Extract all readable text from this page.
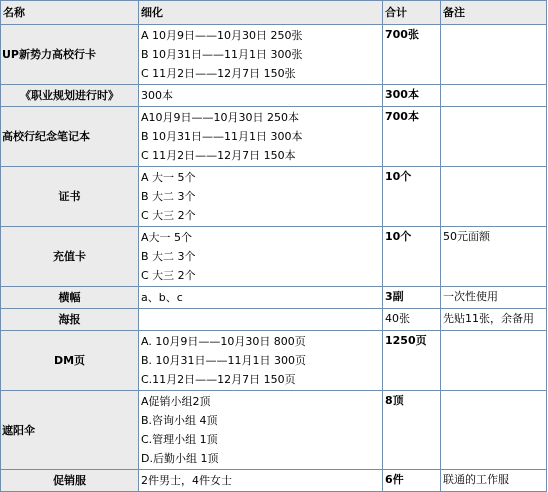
名称	细化	合计	备注
UP新势力高校行卡	A 10月9日——10月30日 250张
B 10月31日——11月1日 300张
C 11月2日——12月7日 150张	700张	
《职业规划进行时》	300本	300本	
高校行纪念笔记本	A10月9日——10月30日 250本
B 10月31日——11月1日 300本
C 11月2日——12月7日 150本	700本	
证书	A 大一 5个
B 大二 3个
C 大三 2个	10个	
充值卡	A大一 5个
B 大二 3个
C 大三 2个	10个	50元面额
横幅	a、b、c	3副	一次性使用
海报		40张	先贴11张，余备用
DM页	A. 10月9日——10月30日 800页
B. 10月31日——11月1日 300页
C.11月2日——12月7日 150页	1250页	
遮阳伞	A促销小组2顶
B.咨询小组 4顶
C.管理小组 1顶
D.后勤小组 1顶	8顶	
促销服	2件男士，4件女士	6件	联通的工作服
